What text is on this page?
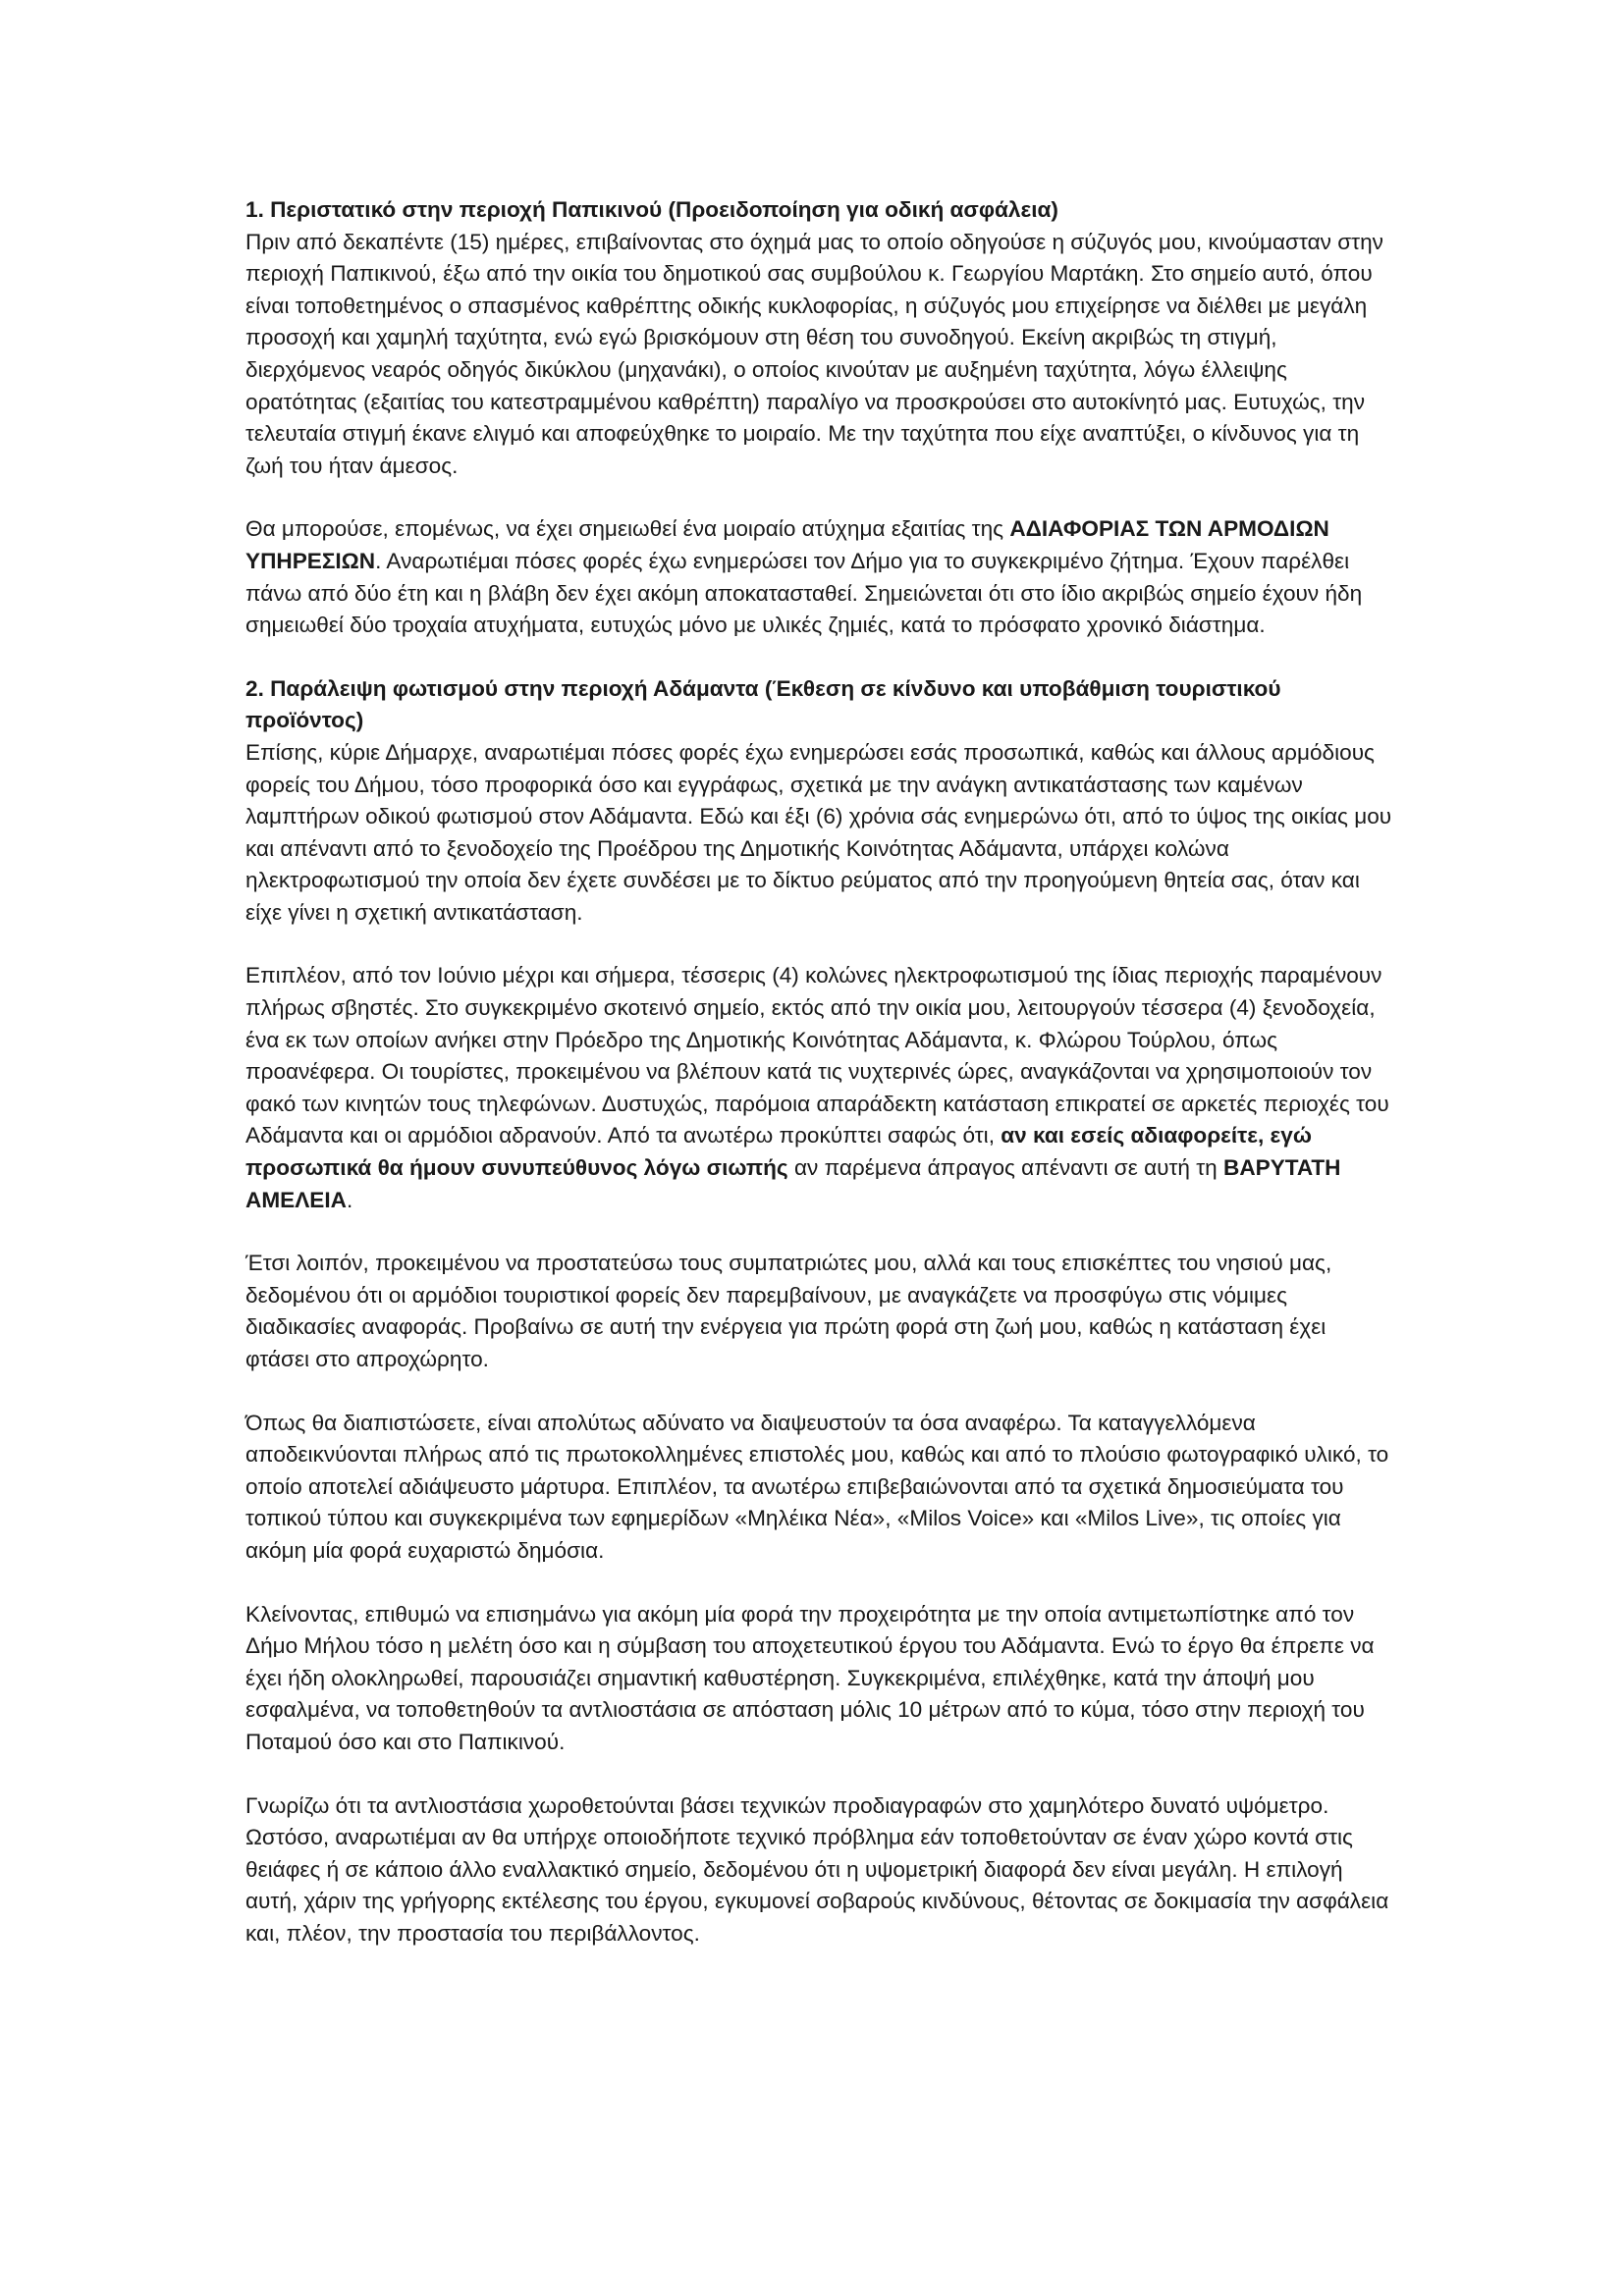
1. Περιστατικό στην περιοχή Παπικινού (Προειδοποίηση για οδική ασφάλεια)

Πριν από δεκαπέντε (15) ημέρες, επιβαίνοντας στο όχημά μας το οποίο οδηγούσε η σύζυγός μου, κινούμασταν στην περιοχή Παπικινού, έξω από την οικία του δημοτικού σας συμβούλου κ. Γεωργίου Μαρτάκη. Στο σημείο αυτό, όπου είναι τοποθετημένος ο σπασμένος καθρέπτης οδικής κυκλοφορίας, η σύζυγός μου επιχείρησε να διέλθει με μεγάλη προσοχή και χαμηλή ταχύτητα, ενώ εγώ βρισκόμουν στη θέση του συνοδηγού. Εκείνη ακριβώς τη στιγμή, διερχόμενος νεαρός οδηγός δικύκλου (μηχανάκι), ο οποίος κινούταν με αυξημένη ταχύτητα, λόγω έλλειψης ορατότητας (εξαιτίας του κατεστραμμένου καθρέπτη) παραλίγο να προσκρούσει στο αυτοκίνητό μας. Ευτυχώς, την τελευταία στιγμή έκανε ελιγμό και αποφεύχθηκε το μοιραίο. Με την ταχύτητα που είχε αναπτύξει, ο κίνδυνος για τη ζωή του ήταν άμεσος.

Θα μπορούσε, επομένως, να έχει σημειωθεί ένα μοιραίο ατύχημα εξαιτίας της ΑΔΙΑΦΟΡΙΑΣ ΤΩΝ ΑΡΜΟΔΙΩΝ ΥΠΗΡΕΣΙΩΝ. Αναρωτιέμαι πόσες φορές έχω ενημερώσει τον Δήμο για το συγκεκριμένο ζήτημα. Έχουν παρέλθει πάνω από δύο έτη και η βλάβη δεν έχει ακόμη αποκατασταθεί. Σημειώνεται ότι στο ίδιο ακριβώς σημείο έχουν ήδη σημειωθεί δύο τροχαία ατυχήματα, ευτυχώς μόνο με υλικές ζημιές, κατά το πρόσφατο χρονικό διάστημα.

2. Παράλειψη φωτισμού στην περιοχή Αδάμαντα (Έκθεση σε κίνδυνο και υποβάθμιση τουριστικού προϊόντος)

Επίσης, κύριε Δήμαρχε, αναρωτιέμαι πόσες φορές έχω ενημερώσει εσάς προσωπικά, καθώς και άλλους αρμόδιους φορείς του Δήμου, τόσο προφορικά όσο και εγγράφως, σχετικά με την ανάγκη αντικατάστασης των καμένων λαμπτήρων οδικού φωτισμού στον Αδάμαντα. Εδώ και έξι (6) χρόνια σάς ενημερώνω ότι, από το ύψος της οικίας μου και απέναντι από το ξενοδοχείο της Προέδρου της Δημοτικής Κοινότητας Αδάμαντα, υπάρχει κολώνα ηλεκτροφωτισμού την οποία δεν έχετε συνδέσει με το δίκτυο ρεύματος από την προηγούμενη θητεία σας, όταν και είχε γίνει η σχετική αντικατάσταση.

Επιπλέον, από τον Ιούνιο μέχρι και σήμερα, τέσσερις (4) κολώνες ηλεκτροφωτισμού της ίδιας περιοχής παραμένουν πλήρως σβηστές. Στο συγκεκριμένο σκοτεινό σημείο, εκτός από την οικία μου, λειτουργούν τέσσερα (4) ξενοδοχεία, ένα εκ των οποίων ανήκει στην Πρόεδρο της Δημοτικής Κοινότητας Αδάμαντα, κ. Φλώρου Τούρλου, όπως προανέφερα. Οι τουρίστες, προκειμένου να βλέπουν κατά τις νυχτερινές ώρες, αναγκάζονται να χρησιμοποιούν τον φακό των κινητών τους τηλεφώνων. Δυστυχώς, παρόμοια απαράδεκτη κατάσταση επικρατεί σε αρκετές περιοχές του Αδάμαντα και οι αρμόδιοι αδρανούν. Από τα ανωτέρω προκύπτει σαφώς ότι, αν και εσείς αδιαφορείτε, εγώ προσωπικά θα ήμουν συνυπεύθυνος λόγω σιωπής αν παρέμενα άπραγος απέναντι σε αυτή τη ΒΑΡΥΤΑΤΗ ΑΜΕΛΕΙΑ.

Έτσι λοιπόν, προκειμένου να προστατεύσω τους συμπατριώτες μου, αλλά και τους επισκέπτες του νησιού μας, δεδομένου ότι οι αρμόδιοι τουριστικοί φορείς δεν παρεμβαίνουν, με αναγκάζετε να προσφύγω στις νόμιμες διαδικασίες αναφοράς. Προβαίνω σε αυτή την ενέργεια για πρώτη φορά στη ζωή μου, καθώς η κατάσταση έχει φτάσει στο απροχώρητο.

Όπως θα διαπιστώσετε, είναι απολύτως αδύνατο να διαψευστούν τα όσα αναφέρω. Τα καταγγελλόμενα αποδεικνύονται πλήρως από τις πρωτοκολλημένες επιστολές μου, καθώς και από το πλούσιο φωτογραφικό υλικό, το οποίο αποτελεί αδιάψευστο μάρτυρα. Επιπλέον, τα ανωτέρω επιβεβαιώνονται από τα σχετικά δημοσιεύματα του τοπικού τύπου και συγκεκριμένα των εφημερίδων «Μηλέικα Νέα», «Milos Voice» και «Milos Live», τις οποίες για ακόμη μία φορά ευχαριστώ δημόσια.

Κλείνοντας, επιθυμώ να επισημάνω για ακόμη μία φορά την προχειρότητα με την οποία αντιμετωπίστηκε από τον Δήμο Μήλου τόσο η μελέτη όσο και η σύμβαση του αποχετευτικού έργου του Αδάμαντα. Ενώ το έργο θα έπρεπε να έχει ήδη ολοκληρωθεί, παρουσιάζει σημαντική καθυστέρηση. Συγκεκριμένα, επιλέχθηκε, κατά την άποψή μου εσφαλμένα, να τοποθετηθούν τα αντλιοστάσια σε απόσταση μόλις 10 μέτρων από το κύμα, τόσο στην περιοχή του Ποταμού όσο και στο Παπικινού.

Γνωρίζω ότι τα αντλιοστάσια χωροθετούνται βάσει τεχνικών προδιαγραφών στο χαμηλότερο δυνατό υψόμετρο. Ωστόσο, αναρωτιέμαι αν θα υπήρχε οποιοδήποτε τεχνικό πρόβλημα εάν τοποθετούνταν σε έναν χώρο κοντά στις θειάφες ή σε κάποιο άλλο εναλλακτικό σημείο, δεδομένου ότι η υψομετρική διαφορά δεν είναι μεγάλη. Η επιλογή αυτή, χάριν της γρήγορης εκτέλεσης του έργου, εγκυμονεί σοβαρούς κινδύνους, θέτοντας σε δοκιμασία την ασφάλεια και, πλέον, την προστασία του περιβάλλοντος.
